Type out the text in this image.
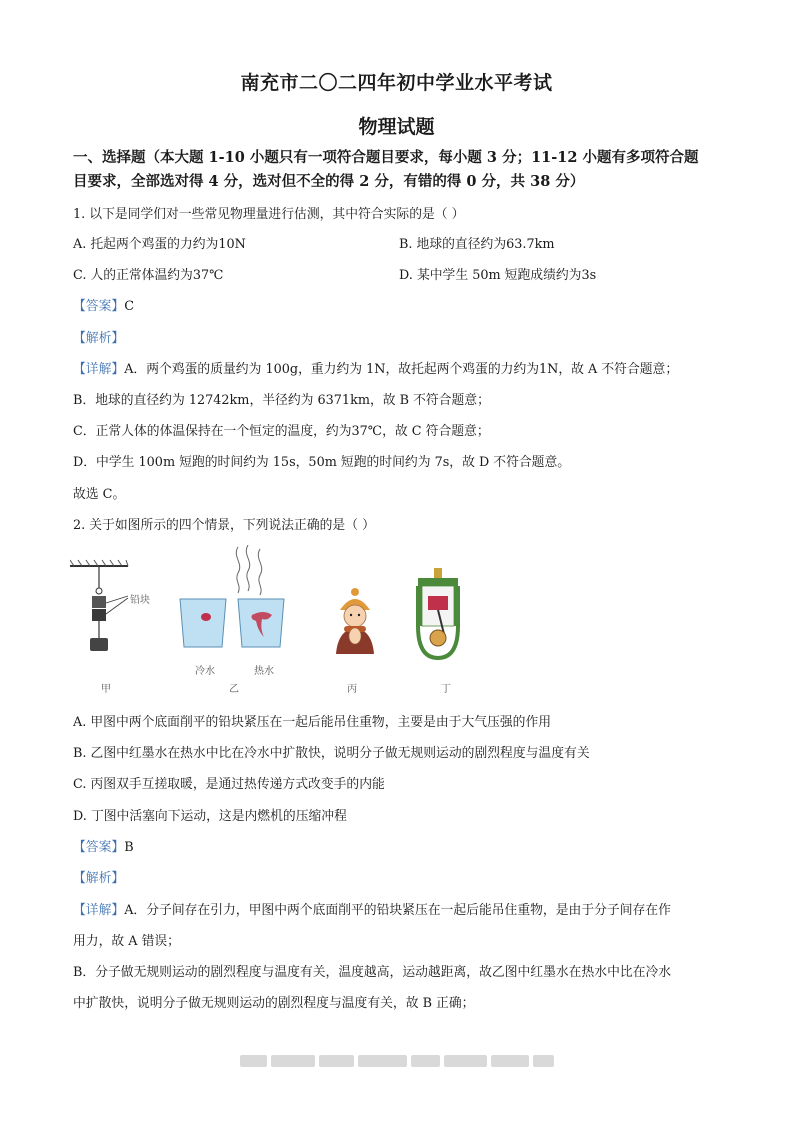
南充市二〇二四年初中学业水平考试
物理试题
一、选择题（本大题 1-10 小题只有一项符合题目要求，每小题 3 分；11-12 小题有多项符合题
目要求，全部选对得 4 分，选对但不全的得 2 分，有错的得 0 分，共 38 分）
1. 以下是同学们对一些常见物理量进行估测，其中符合实际的是（ ）
A. 托起两个鸡蛋的力约为10N	B. 地球的直径约为63.7km
C. 人的正常体温约为37℃	D. 某中学生 50m 短跑成绩约为3s
【答案】C
【解析】
【详解】A．两个鸡蛋的质量约为 100g，重力约为 1N，故托起两个鸡蛋的力约为1N，故 A 不符合题意；
B．地球的直径约为 12742km，半径约为 6371km，故 B 不符合题意；
C．正常人体的体温保持在一个恒定的温度，约为37℃，故 C 符合题意；
D．中学生 100m 短跑的时间约为 15s，50m 短跑的时间约为 7s，故 D 不符合题意。
故选 C。
2. 关于如图所示的四个情景，下列说法正确的是（ ）
铅块
冷水	热水
甲	乙	丙	丁
A. 甲图中两个底面削平的铅块紧压在一起后能吊住重物，主要是由于大气压强的作用
B. 乙图中红墨水在热水中比在冷水中扩散快，说明分子做无规则运动的剧烈程度与温度有关
C. 丙图双手互搓取暖，是通过热传递方式改变手的内能
D. 丁图中活塞向下运动，这是内燃机的压缩冲程
【答案】B
【解析】
【详解】A．分子间存在引力，甲图中两个底面削平的铅块紧压在一起后能吊住重物，是由于分子间存在作
用力，故 A 错误；
B．分子做无规则运动的剧烈程度与温度有关，温度越高，运动越距离，故乙图中红墨水在热水中比在冷水
中扩散快，说明分子做无规则运动的剧烈程度与温度有关，故 B 正确；
